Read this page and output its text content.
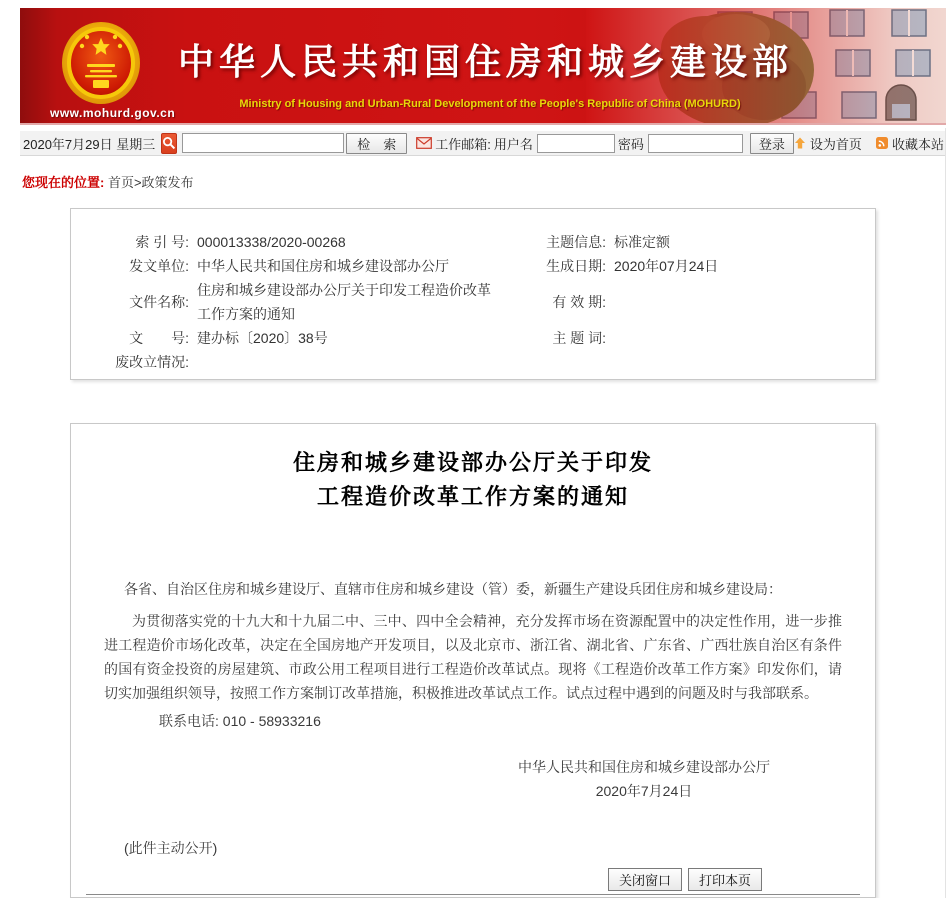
www.mohurd.gov.cn
中华人民共和国住房和城乡建设部
Ministry of Housing and Urban-Rural Development of the People's Republic of China (MOHURD)
2020年7月29日 星期三	检　索	工作邮箱: 用户名	密码	登录	设为首页 收藏本站
您现在的位置: 首页>政策发布
索 引 号: 000013338/2020-00268
发文单位: 中华人民共和国住房和城乡建设部办公厅
文件名称:
住房和城乡建设部办公厅关于印发工程造价改革工作方案的通知
文　　号: 建办标〔2020〕38号
废改立情况:
主题信息: 标准定额
生成日期: 2020年07月24日
有 效 期:
主 题 词:
住房和城乡建设部办公厅关于印发
工程造价改革工作方案的通知

各省、自治区住房和城乡建设厅、直辖市住房和城乡建设（管）委，新疆生产建设兵团住房和城乡建设局：

为贯彻落实党的十九大和十九届二中、三中、四中全会精神，充分发挥市场在资源配置中的决定性作用，进一步推进工程造价市场化改革，决定在全国房地产开发项目，以及北京市、浙江省、湖北省、广东省、广西壮族自治区有条件的国有资金投资的房屋建筑、市政公用工程项目进行工程造价改革试点。现将《工程造价改革工作方案》印发你们，请切实加强组织领导，按照工作方案制订改革措施，积极推进改革试点工作。试点过程中遇到的问题及时与我部联系。

联系电话: 010 - 58933216

中华人民共和国住房和城乡建设部办公厅
2020年7月24日

(此件主动公开)

关闭窗口	打印本页
